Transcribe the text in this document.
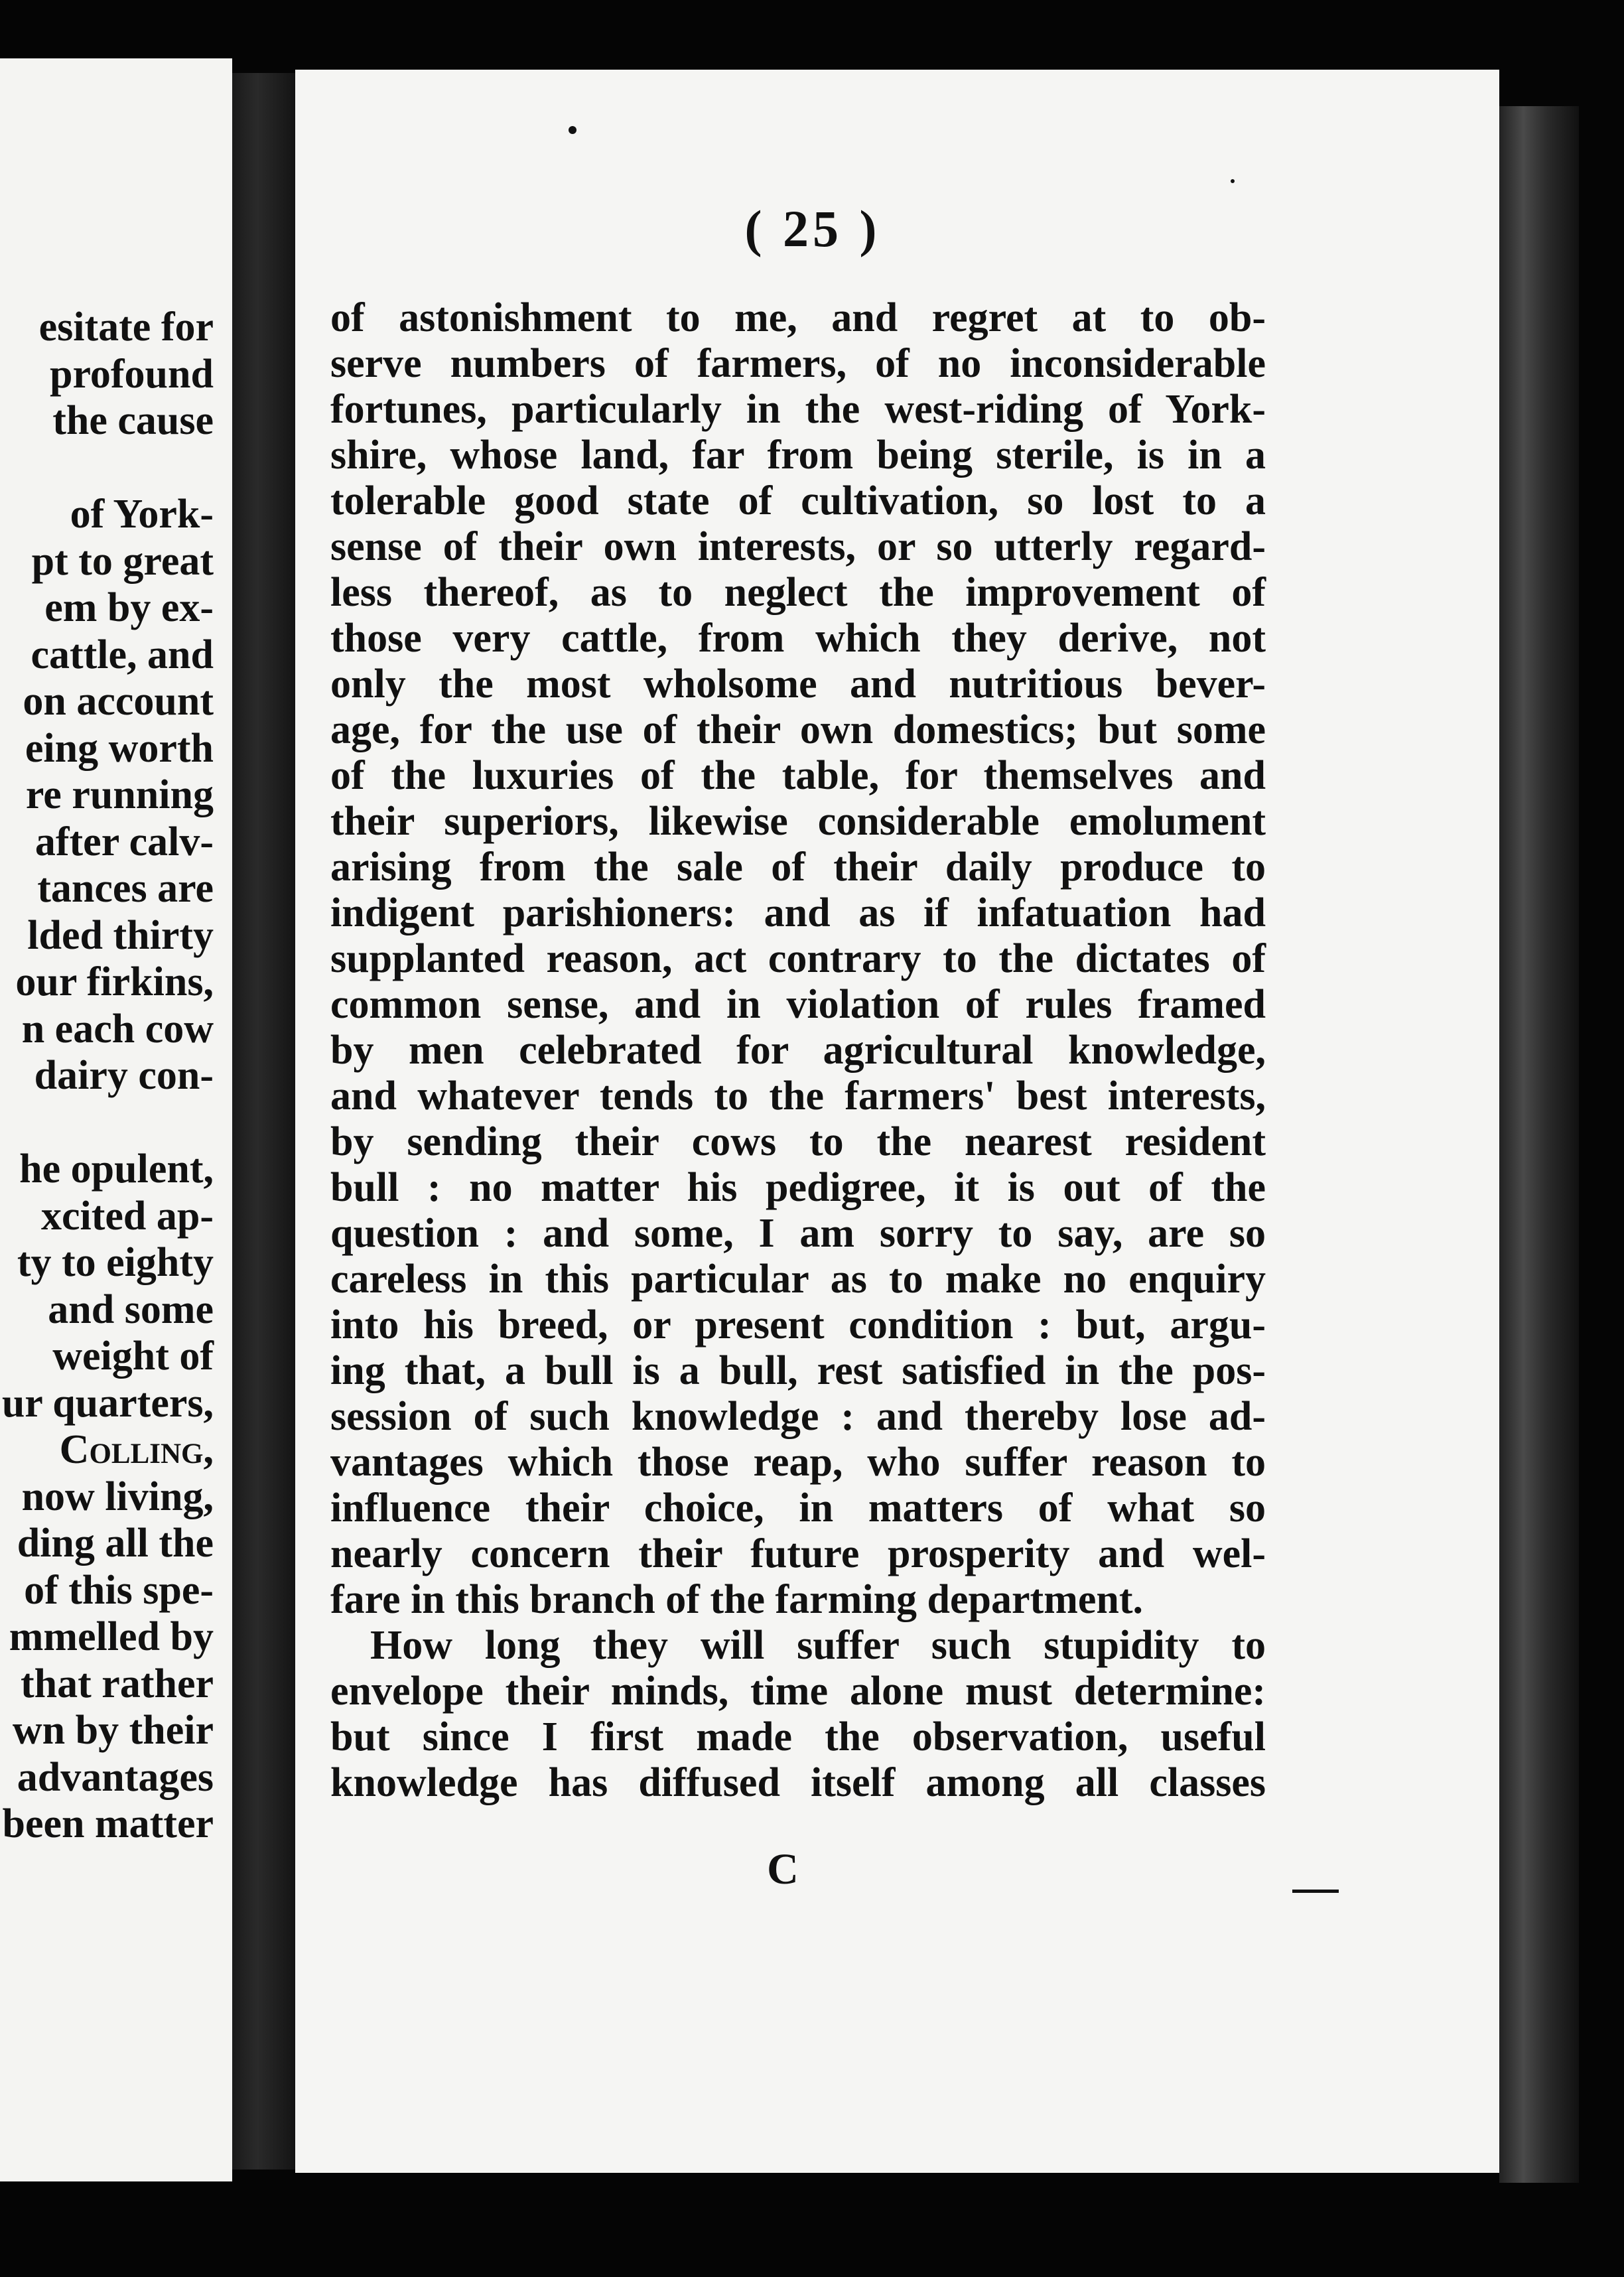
esitate for
profound
the cause
of York-
pt to great
em by ex-
cattle, and
on account
eing worth
re running
after calv-
tances are
lded thirty
our firkins,
n each cow
dairy con-
he opulent,
xcited ap-
ty to eighty
and some
weight of
ur quarters,
Colling,
now living,
ding all the
of this spe-
mmelled by
that rather
wn by their
advantages
been matter
( 25 )
of astonishment to me, and regret at to ob-
serve numbers of farmers, of no inconsiderable
fortunes, particularly in the west-riding of York-
shire, whose land, far from being sterile, is in a
tolerable good state of cultivation, so lost to a
sense of their own interests, or so utterly regard-
less thereof, as to neglect the improvement of
those very cattle, from which they derive, not
only the most wholsome and nutritious bever-
age, for the use of their own domestics; but some
of the luxuries of the table, for themselves and
their superiors, likewise considerable emolument
arising from the sale of their daily produce to
indigent parishioners: and as if infatuation had
supplanted reason, act contrary to the dictates of
common sense, and in violation of rules framed
by men celebrated for agricultural knowledge,
and whatever tends to the farmers' best interests,
by sending their cows to the nearest resident
bull : no matter his pedigree, it is out of the
question : and some, I am sorry to say, are so
careless in this particular as to make no enquiry
into his breed, or present condition : but, argu-
ing that, a bull is a bull, rest satisfied in the pos-
session of such knowledge : and thereby lose ad-
vantages which those reap, who suffer reason to
influence their choice, in matters of what so
nearly concern their future prosperity and wel-
fare in this branch of the farming department.
How long they will suffer such stupidity to
envelope their minds, time alone must determine:
but since I first made the observation, useful
knowledge has diffused itself among all classes
C
